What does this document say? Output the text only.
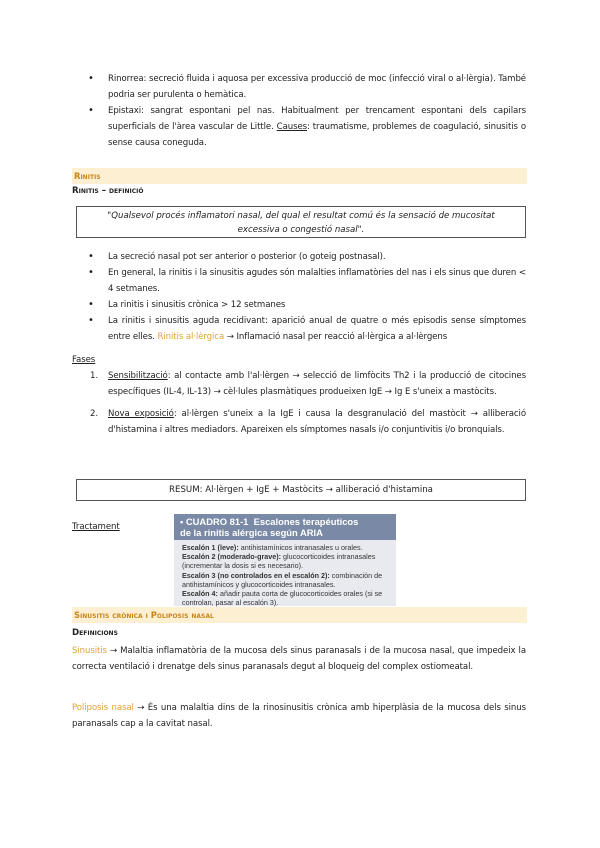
• Rinorrea: secreció fluida i aquosa per excessiva producció de moc (infecció viral o al·lèrgia). També podria ser purulenta o hemàtica.
• Epistaxi: sangrat espontani pel nas. Habitualment per trencament espontani dels capilars superficials de l'àrea vascular de Little. Causes: traumatisme, problemes de coagulació, sinusitis o sense causa coneguda.
Rinitis
Rinitis – definició
"Qualsevol procés inflamatori nasal, del qual el resultat comú és la sensació de mucositat
excessiva o congestió nasal".
• La secreció nasal pot ser anterior o posterior (o goteig postnasal).
• En general, la rinitis i la sinusitis agudes són malalties inflamatòries del nas i els sinus que duren < 4 setmanes.
• La rinitis i sinusitis crònica > 12 setmanes
• La rinitis i sinusitis aguda recidivant: aparició anual de quatre o més episodis sense símptomes entre elles. Rinitis al·lèrgica → Inflamació nasal per reacció al·lèrgica a al·lèrgens
Fases
1. Sensibilització: al contacte amb l'al·lèrgen → selecció de limfòcits Th2 i la producció de citocines específiques (IL-4, IL-13) → cèl·lules plasmàtiques produeixen IgE → Ig E s'uneix a mastòcits.
2. Nova exposició: al·lèrgen s'uneix a la IgE i causa la desgranulació del mastòcit → alliberació d'histamina i altres mediadors. Apareixen els símptomes nasals i/o conjuntivitis i/o bronquials.
RESUM: Al·lèrgen + IgE + Mastòcits → alliberació d'histamina
Tractament	• CUADRO 81-1 Escalones terapéuticos
de la rinitis alérgica según ARIA
Escalón 1 (leve): antihistamínicos intranasales u orales.
Escalón 2 (moderado-grave): glucocorticoides intranasales (incrementar la dosis si es necesario).
Escalón 3 (no controlados en el escalón 2): combinación de antihistamínicos y glucocorticoides intranasales.
Escalón 4: añadir pauta corta de glucocorticoides orales (si se controlan, pasar al escalón 3).
Sinusitis crònica i Poliposis nasal
Definicions
Sinusitis → Malaltia inflamatòria de la mucosa dels sinus paranasals i de la mucosa nasal, que impedeix la correcta ventilació i drenatge dels sinus paranasals degut al bloqueig del complex ostiomeatal.
Poliposis nasal → És una malaltia dins de la rinosinusitis crònica amb hiperplàsia de la mucosa dels sinus paranasals cap a la cavitat nasal.
